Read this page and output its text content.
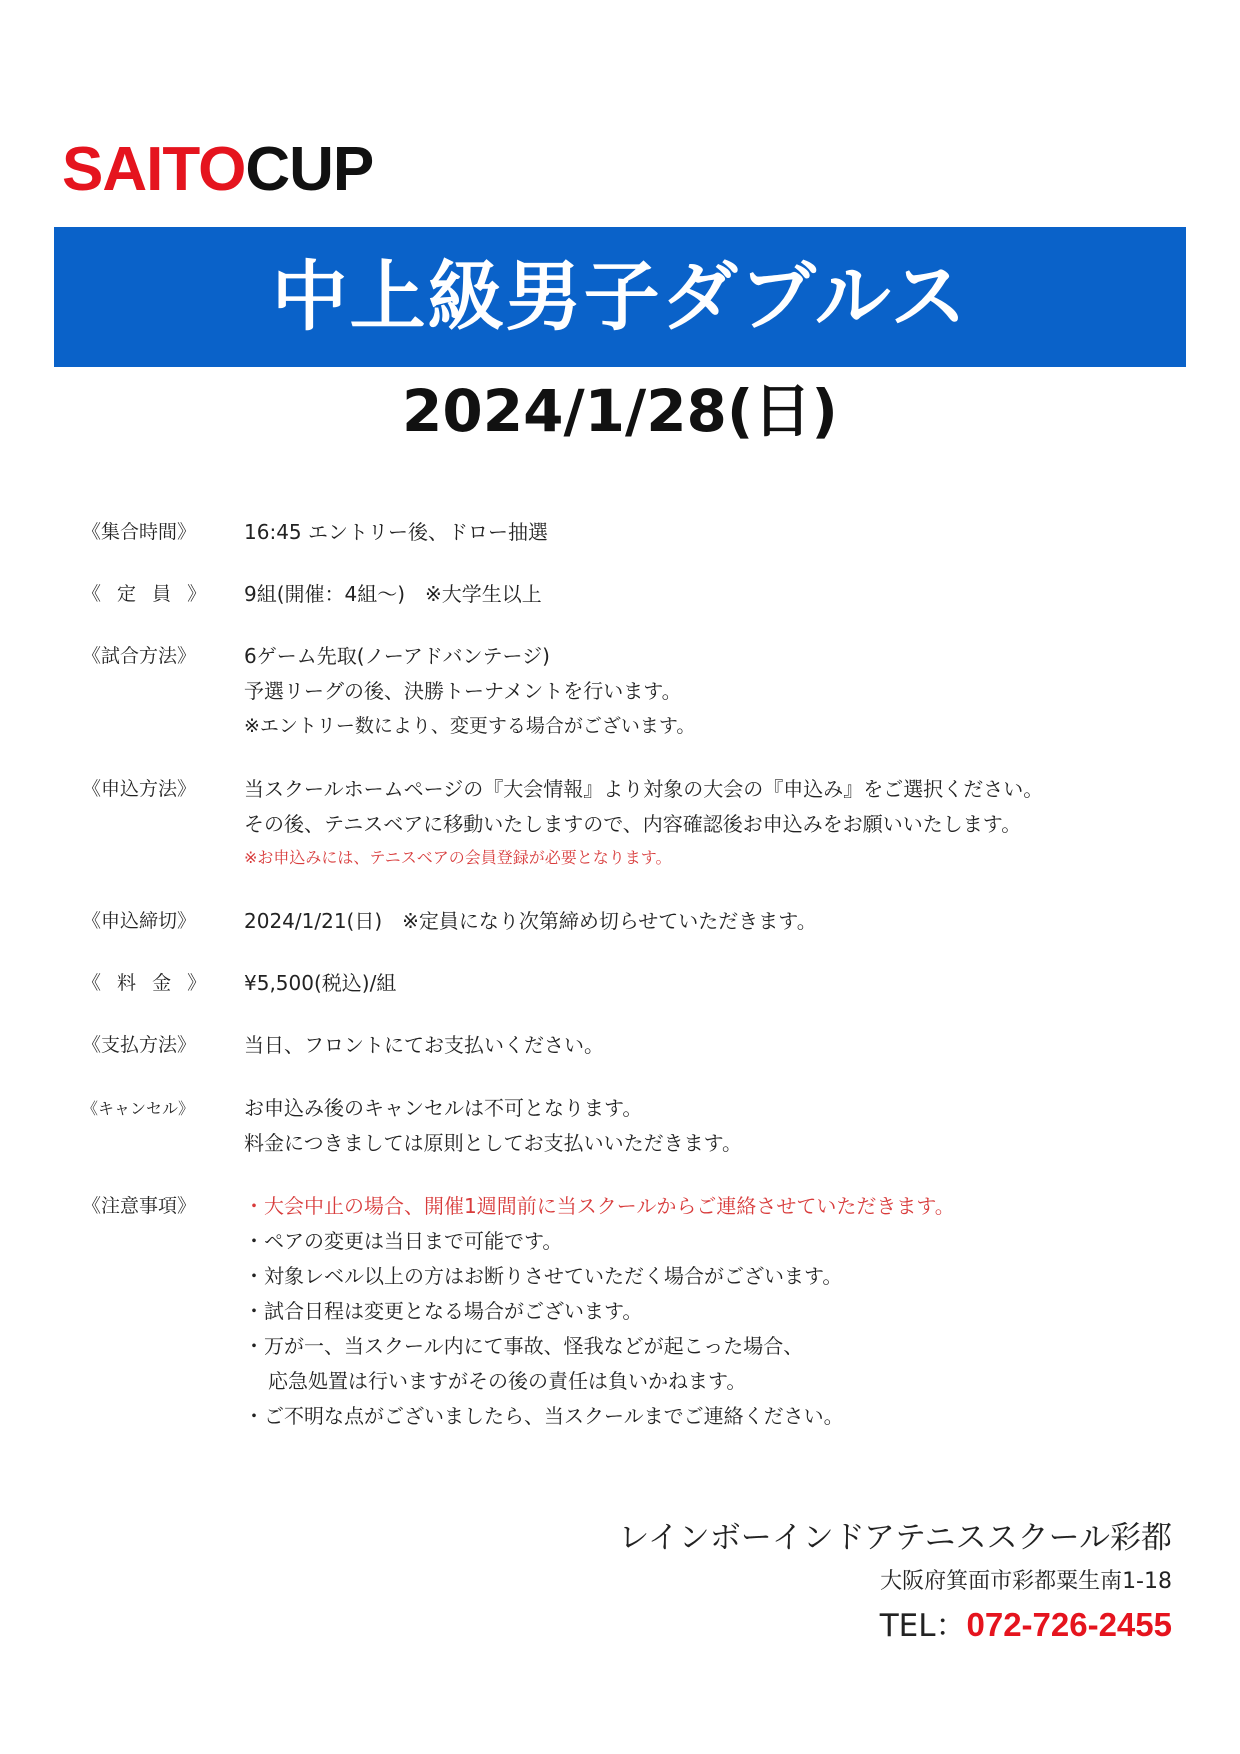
SAITOCUP
中上級男子ダブルス
2024/1/28(日)
《集合時間》	16:45 エントリー後、ドロー抽選
《 定 員 》	9組(開催：4組～)　※大学生以上
《試合方法》	6ゲーム先取(ノーアドバンテージ)
予選リーグの後、決勝トーナメントを行います。
※エントリー数により、変更する場合がございます。
《申込方法》	当スクールホームページの『大会情報』より対象の大会の『申込み』をご選択ください。
その後、テニスベアに移動いたしますので、内容確認後お申込みをお願いいたします。
※お申込みには、テニスベアの会員登録が必要となります。
《申込締切》	2024/1/21(日)　※定員になり次第締め切らせていただきます。
《 料 金 》	¥5,500(税込)/組
《支払方法》	当日、フロントにてお支払いください。
《キャンセル》	お申込み後のキャンセルは不可となります。
料金につきましては原則としてお支払いいただきます。
《注意事項》	・大会中止の場合、開催1週間前に当スクールからご連絡させていただきます。
・ペアの変更は当日まで可能です。
・対象レベル以上の方はお断りさせていただく場合がございます。
・試合日程は変更となる場合がございます。
・万が一、当スクール内にて事故、怪我などが起こった場合、
応急処置は行いますがその後の責任は負いかねます。
・ご不明な点がございましたら、当スクールまでご連絡ください。
レインボーインドアテニススクール彩都
大阪府箕面市彩都粟生南1-18
TEL：072-726-2455
